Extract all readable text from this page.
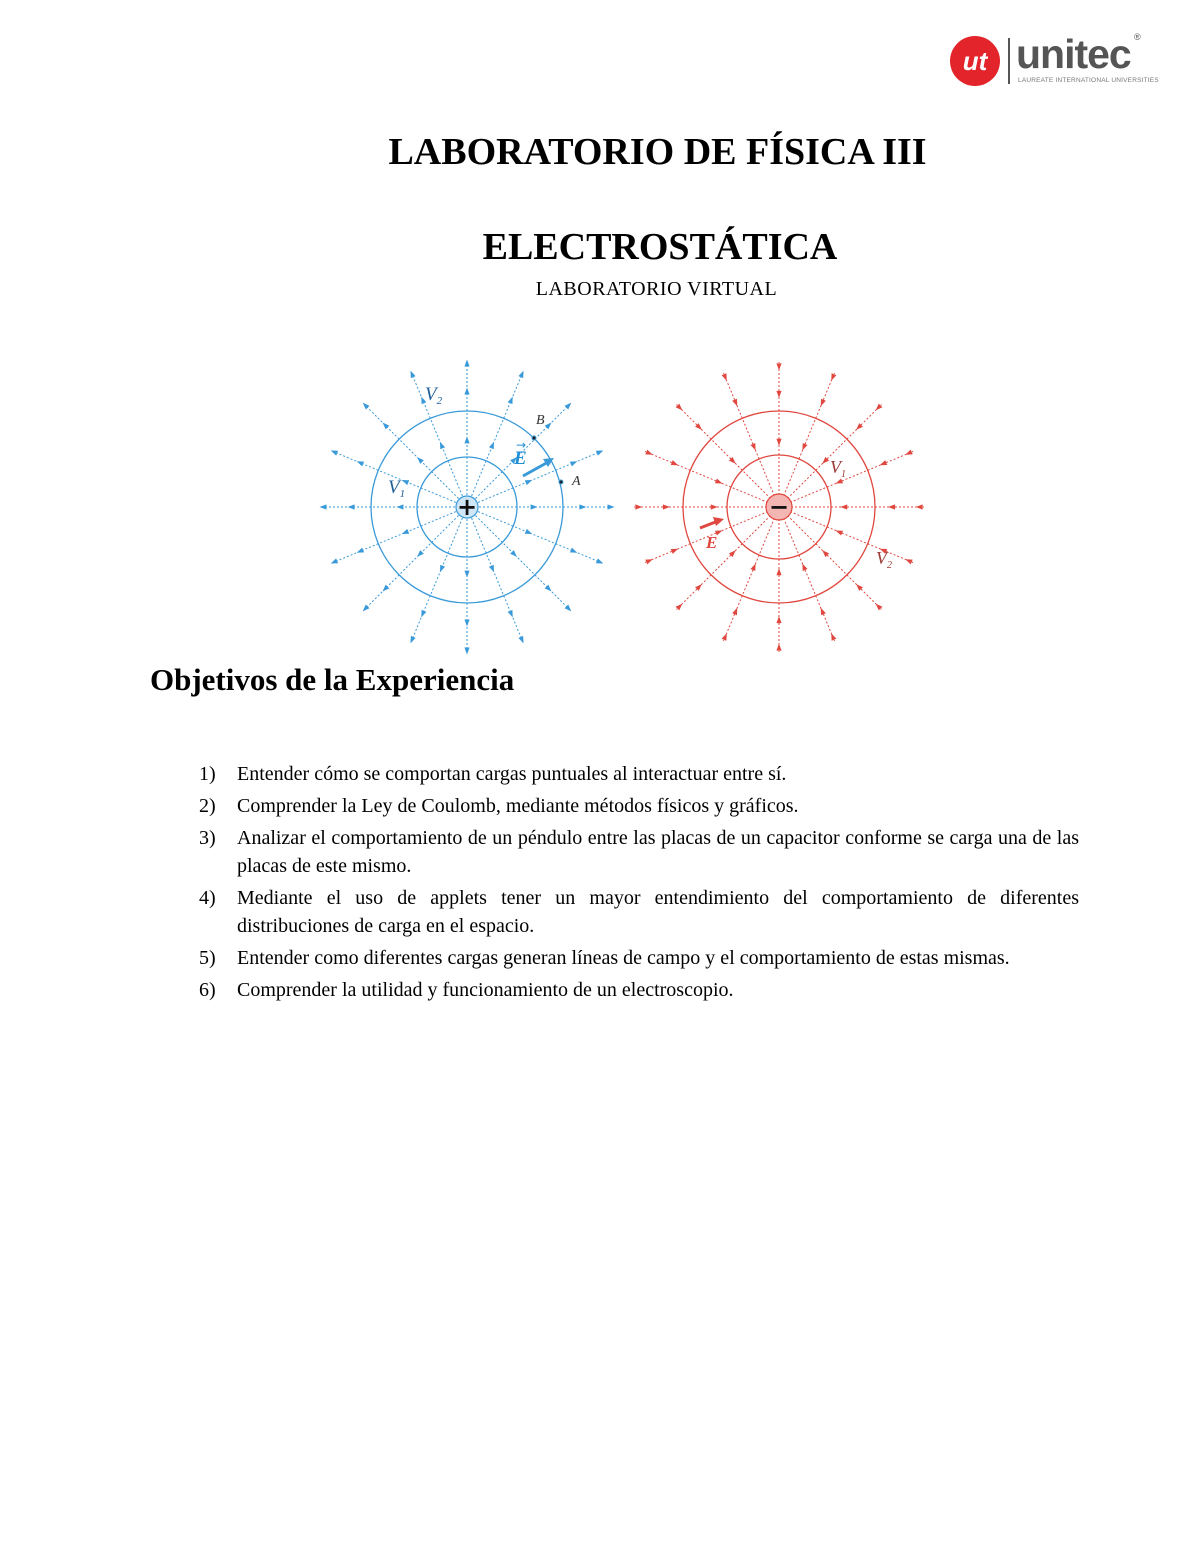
ut unitec ®
LAUREATE INTERNATIONAL UNIVERSITIES
LABORATORIO DE FÍSICA III
ELECTROSTÁTICA
LABORATORIO VIRTUAL
+
$V_2$
$V_1$
B
A
E
→
−
$V_1$
$V_2$
E
Objetivos de la Experiencia
1) Entender cómo se comportan cargas puntuales al interactuar entre sí.
2) Comprender la Ley de Coulomb, mediante métodos físicos y gráficos.
3) Analizar el comportamiento de un péndulo entre las placas de un capacitor conforme se carga una de las placas de este mismo.
4) Mediante el uso de applets tener un mayor entendimiento del comportamiento de diferentes distribuciones de carga en el espacio.
5) Entender como diferentes cargas generan líneas de campo y el comportamiento de estas mismas.
6) Comprender la utilidad y funcionamiento de un electroscopio.
